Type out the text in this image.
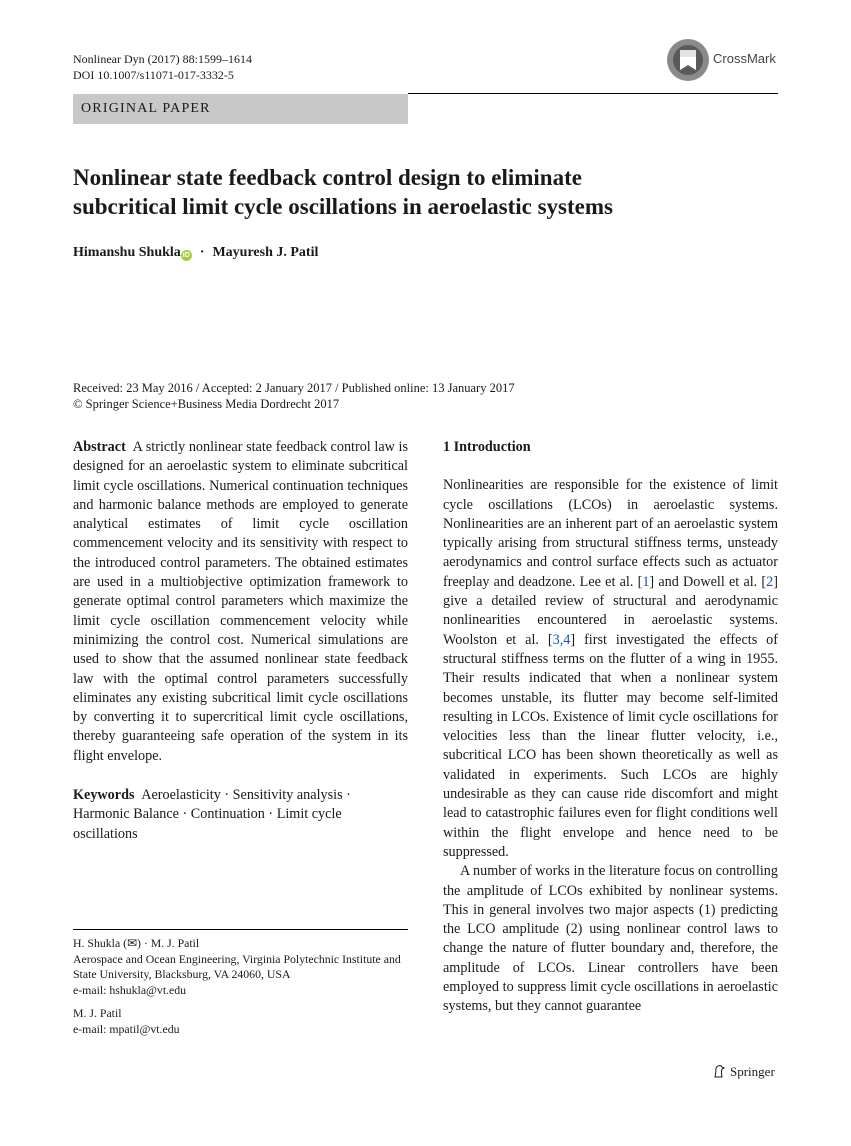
Nonlinear Dyn (2017) 88:1599–1614
DOI 10.1007/s11071-017-3332-5
CrossMark
ORIGINAL PAPER
Nonlinear state feedback control design to eliminate
subcritical limit cycle oscillations in aeroelastic systems
Himanshu Shukla iD · Mayuresh J. Patil
Received: 23 May 2016 / Accepted: 2 January 2017 / Published online: 13 January 2017
© Springer Science+Business Media Dordrecht 2017

Abstract A strictly nonlinear state feedback control law is designed for an aeroelastic system to eliminate subcritical limit cycle oscillations. Numerical continuation techniques and harmonic balance methods are employed to generate analytical estimates of limit cycle oscillation commencement velocity and its sensitivity with respect to the introduced control parameters. The obtained estimates are used in a multiobjective optimization framework to generate optimal control parameters which maximize the limit cycle oscillation commencement velocity while minimizing the control cost. Numerical simulations are used to show that the assumed nonlinear state feedback law with the optimal control parameters successfully eliminates any existing subcritical limit cycle oscillations by converting it to supercritical limit cycle oscillations, thereby guaranteeing safe operation of the system in its flight envelope.

Keywords Aeroelasticity · Sensitivity analysis · Harmonic Balance · Continuation · Limit cycle oscillations

H. Shukla (✉) · M. J. Patil

Aerospace and Ocean Engineering, Virginia Polytechnic Institute and State University, Blacksburg, VA 24060, USA

e-mail: hshukla@vt.edu

M. J. Patil

e-mail: mpatil@vt.edu

1 Introduction

Nonlinearities are responsible for the existence of limit cycle oscillations (LCOs) in aeroelastic systems. Nonlinearities are an inherent part of an aeroelastic system typically arising from structural stiffness terms, unsteady aerodynamics and control surface effects such as actuator freeplay and deadzone. Lee et al. [1] and Dowell et al. [2] give a detailed review of structural and aerodynamic nonlinearities encountered in aeroelastic systems. Woolston et al. [3,4] first investigated the effects of structural stiffness terms on the flutter of a wing in 1955. Their results indicated that when a nonlinear system becomes unstable, its flutter may become self-limited resulting in LCOs. Existence of limit cycle oscillations for velocities less than the linear flutter velocity, i.e., subcritical LCO has been shown theoretically as well as validated in experiments. Such LCOs are highly undesirable as they can cause ride discomfort and might lead to catastrophic failures even for flight conditions well within the flight envelope and hence need to be suppressed.

A number of works in the literature focus on controlling the amplitude of LCOs exhibited by nonlinear systems. This in general involves two major aspects (1) predicting the LCO amplitude (2) using nonlinear control laws to change the nature of flutter boundary and, therefore, the amplitude of LCOs. Linear controllers have been employed to suppress limit cycle oscillations in aeroelastic systems, but they cannot guarantee

Springer
